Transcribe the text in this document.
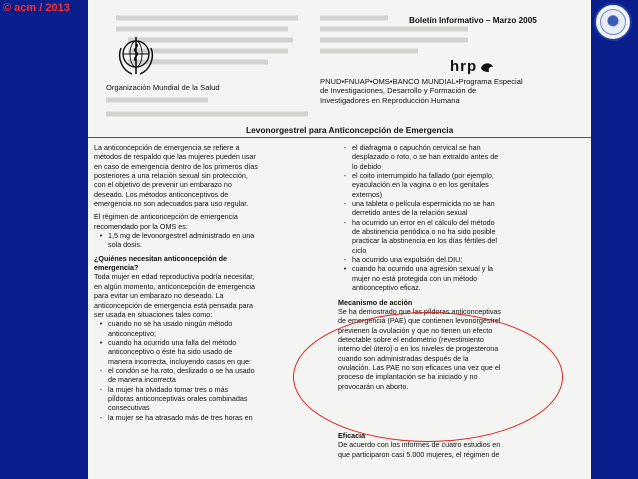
© acm / 2013
Boletín Informativo – Marzo 2005
Organización Mundial de la Salud
hrp
PNUD•FNUAP•OMS•BANCO MUNDIAL•Programa Especial
de Investigaciones, Desarrollo y Formación de
Investigadores en Reproducción Humana
Levonorgestrel para Anticoncepción de Emergencia
La anticoncepción de emergencia se refiere a
métodos de respaldo que las mujeres pueden usar
en caso de emergencia dentro de los primeros días
posteriores a una relación sexual sin protección,
con el objetivo de prevenir un embarazo no
deseado. Los métodos anticonceptivos de
emergencia no son adecuados para uso regular.
El régimen de anticoncepción de emergencia
recomendado por la OMS es:
• 1,5 mg de levonorgestrel administrado en una
sola dosis.
¿Quiénes necesitan anticoncepción de
emergencia?
Toda mujer en edad reproductiva podría necesitar,
en algún momento, anticoncepción de emergencia
para evitar un embarazo no deseado. La
anticoncepción de emergencia está pensada para
ser usada en situaciones tales como:
• cuando no se ha usado ningún método
anticonceptivo;
• cuando ha ocurrido una falla del método
anticonceptivo o éste ha sido usado de
manera incorrecta, incluyendo casos en que:
- el condón se ha roto, deslizado o se ha usado
de manera incorrecta
- la mujer ha olvidado tomar tres o más
píldoras anticonceptivas orales combinadas
consecutivas
- la mujer se ha atrasado más de tres horas en
- el diafragma o capuchón cervical se han
desplazado o roto, o se han extraído antes de
lo debido
- el coito interrumpido ha fallado (por ejemplo,
eyaculación en la vagina o en los genitales
externos)
- una tableta o película espermicida no se han
derretido antes de la relación sexual
- ha ocurrido un error en el cálculo del método
de abstinencia periódica o no ha sido posible
practicar la abstinencia en los días fértiles del
ciclo
- ha ocurrido una expulsión del DIU;
• cuando ha ocurrido una agresión sexual y la
mujer no está protegida con un método
anticonceptivo eficaz.
Mecanismo de acción
Se ha demostrado que las píldoras anticonceptivas
de emergencia (PAE) que contienen levonorgestrel
previenen la ovulación y que no tienen un efecto
detectable sobre el endometrio (revestimiento
interno del útero) o en los niveles de progesterona
cuando son administradas después de la
ovulación. Las PAE no son eficaces una vez que el
proceso de implantación se ha iniciado y no
provocarán un aborto.
Eficacia
De acuerdo con los informes de cuatro estudios en
que participaron casi 5.000 mujeres, el régimen de
